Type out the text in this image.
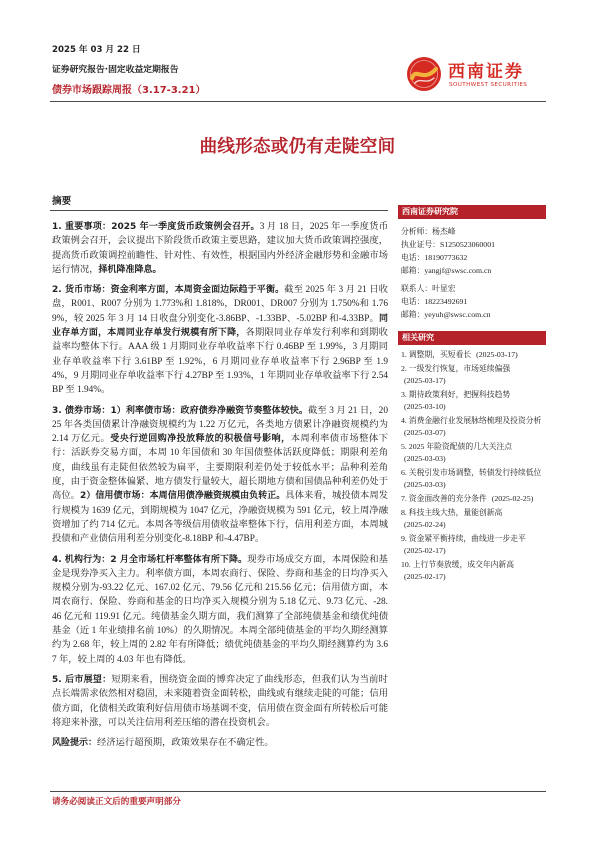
2025 年 03 月 22 日
证券研究报告·固定收益定期报告
债券市场跟踪周报（3.17-3.21）
西南证券
SOUTHWEST SECURITIES
曲线形态或仍有走陡空间
摘要

1. 重要事项：2025 年一季度货币政策例会召开。3 月 18 日，2025 年一季度货币政策例会召开，会议提出下阶段货币政策主要思路，建议加大货币政策调控强度，提高货币政策调控前瞻性、针对性、有效性，根据国内外经济金融形势和金融市场运行情况，择机降准降息。

2. 货币市场：资金利率方面，本周资金面边际趋于平衡。截至 2025 年 3 月 21 日收盘，R001、R007 分别为 1.773%和 1.818%，DR001、DR007 分别为 1.750%和 1.769%，较 2025 年 3 月 14 日收盘分别变化-3.86BP、-1.33BP、-5.02BP 和-4.33BP。同业存单方面，本周同业存单发行规模有所下降，各期限同业存单发行利率和到期收益率均整体下行。AAA 级 1 月期同业存单收益率下行 0.46BP 至 1.99%，3 月期同业存单收益率下行 3.61BP 至 1.92%，6 月期同业存单收益率下行 2.96BP 至 1.94%，9 月期同业存单收益率下行 4.27BP 至 1.93%，1 年期同业存单收益率下行 2.54BP 至 1.94%。

3. 债券市场：1）利率债市场：政府债券净融资节奏整体较快。截至 3 月 21 日，2025 年各类国债累计净融资规模约为 1.22 万亿元，各类地方债累计净融资规模约为 2.14 万亿元。受央行逆回购净投放释放的积极信号影响，本周利率债市场整体下行：活跃券交易方面，本周 10 年国债和 30 年国债整体活跃度降低；期限利差角度，曲线虽有走陡但依然较为扁平，主要期限利差仍处于较低水平；品种利差角度，由于资金整体偏紧、地方债发行量较大，超长期地方债和国债品种利差仍处于高位。2）信用债市场：本周信用债净融资规模由负转正。具体来看，城投债本周发行规模为 1639 亿元，到期规模为 1047 亿元，净融资规模为 591 亿元，较上周净融资增加了约 714 亿元。本周各等级信用债收益率整体下行，信用利差方面，本周城投债和产业债信用利差分别变化-8.18BP 和-4.47BP。

4. 机构行为：2 月全市场杠杆率整体有所下降。现券市场成交方面，本周保险和基金是现券净买入主力。利率债方面，本周农商行、保险、券商和基金的日均净买入规模分别为-93.22 亿元、167.02 亿元、79.56 亿元和 215.56 亿元；信用债方面，本周农商行、保险、券商和基金的日均净买入规模分别为 5.18 亿元、9.73 亿元、-28.46 亿元和 119.91 亿元。纯债基金久期方面，我们测算了全部纯债基金和绩优纯债基金（近 1 年业绩排名前 10%）的久期情况。本周全部纯债基金的平均久期经测算约为 2.68 年，较上周的 2.82 年有所降低；绩优纯债基金的平均久期经测算约为 3.67 年，较上周的 4.03 年也有降低。

5. 后市展望：短期来看，围绕资金面的博弈决定了曲线形态，但我们认为当前时点长端需求依然相对稳固，未来随着资金面转松，曲线或有继续走陡的可能；信用债方面，化债相关政策利好信用债市场基调不变，信用债在资金面有所转松后可能将迎来补涨，可以关注信用利差压缩的潜在投资机会。

风险提示：经济运行超预期，政策效果存在不确定性。

西南证券研究院
分析师：杨杰峰
执业证号：S1250523060001
电话：18190773632
邮箱：yangjf@swsc.com.cn
联系人：叶显宏
电话：18223492691
邮箱：yeyuh@swsc.com.cn
相关研究
1. 调整期，买短看长 (2025-03-17)
2. 一级发行恢复，市场延续偏强 (2025-03-17)
3. 期待政策利好，把握科技趋势 (2025-03-10)
4. 消费金融行业发展脉络梳理及投资分析 (2025-03-07)
5. 2025 年险资配债的几大关注点 (2025-03-03)
6. 关税引发市场调整，转债发行持续低位 (2025-03-03)
7. 资金面改善的充分条件 (2025-02-25)
8. 科技主线大热，量能创新高 (2025-02-24)
9. 资金紧平衡持续，曲线进一步走平 (2025-02-17)
10. 上行节奏放缓，成交年内新高 (2025-02-17)
请务必阅读正文后的重要声明部分
